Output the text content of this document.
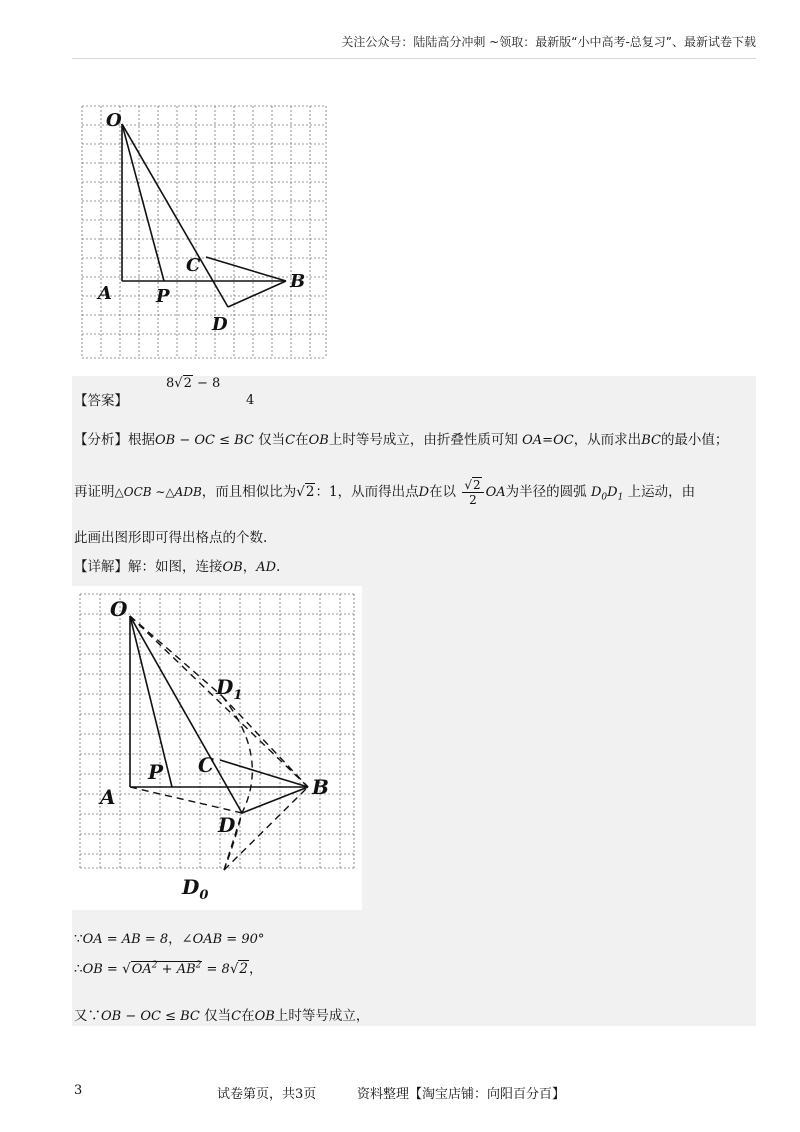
关注公众号：陆陆高分冲刺 ~领取：最新版“小中高考-总复习”、最新试卷下载
O
A P
C
B
D
【答案】
8√2 − 8
4
【分析】根据OB − OC ≤ BC 仅当C在OB上时等号成立，由折叠性质可知 OA=OC，从而求出BC的最小值；
再证明△OCB ∼△ADB，而且相似比为√2：1，从而得出点D在以 $\frac{√2}{2}$ OA为半径的圆弧 $D_0D_1$ 上运动，由
此画出图形即可得出格点的个数.
【详解】解：如图，连接OB，AD.
O
A
P C
B
D
$D_1$
$D_0$
∵OA = AB = 8，∠OAB = 90°
∴OB = $√OA^2 + AB^2 = 8√2$，
又∵OB − OC ≤ BC 仅当C在OB上时等号成立，
3	试卷第页，共3页	资料整理【淘宝店铺：向阳百分百】
